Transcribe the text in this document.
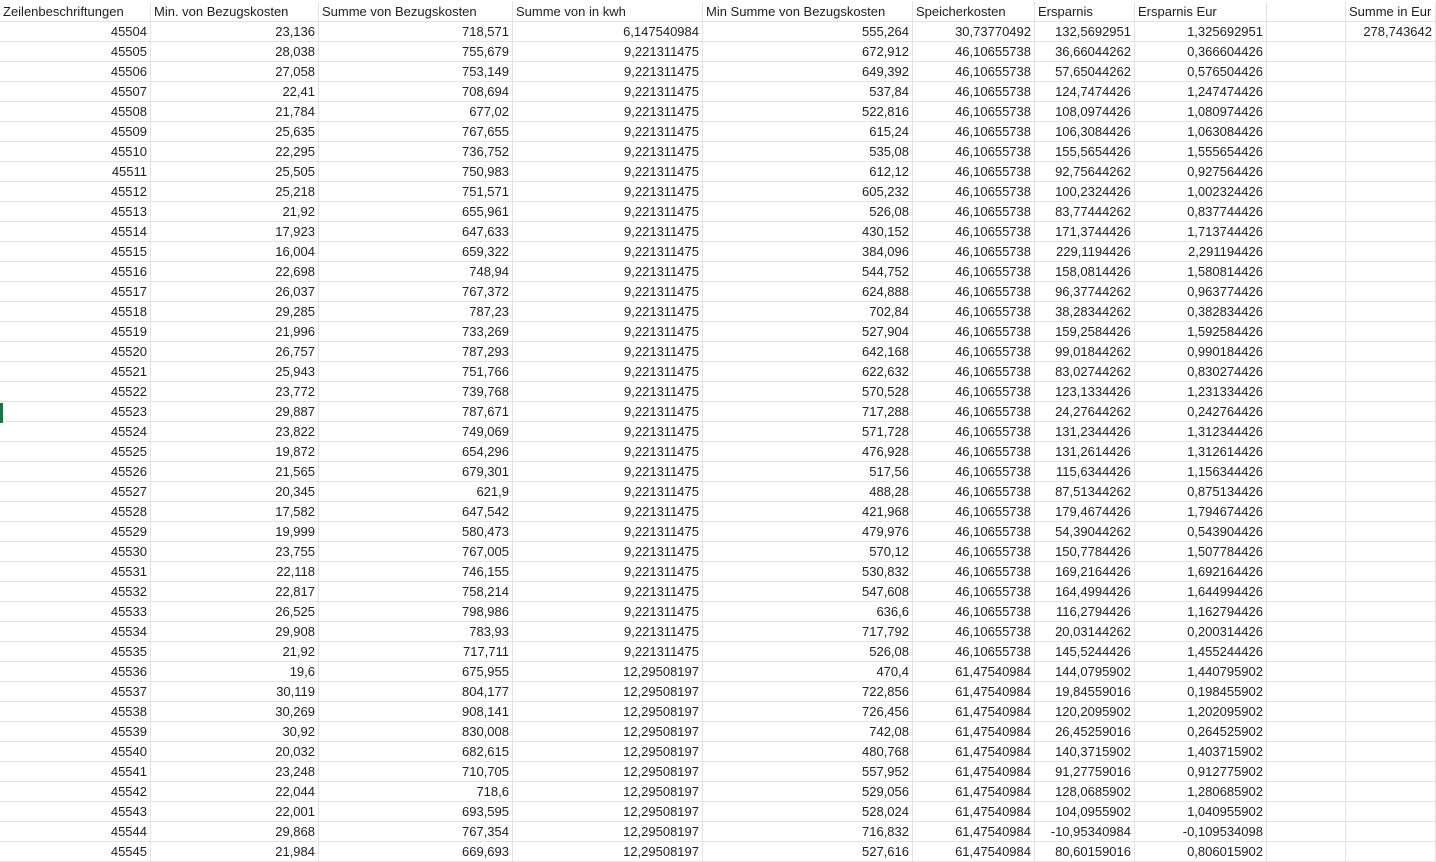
Zeilenbeschriftungen	Min. von Bezugskosten	Summe von Bezugskosten	Summe von in kwh	Min Summe von Bezugskosten	Speicherkosten	Ersparnis	Ersparnis Eur	Summe in Eur
45504	23,136	718,571	6,147540984	555,264	30,73770492	132,5692951	1,325692951	278,743642
45505	28,038	755,679	9,221311475	672,912	46,10655738	36,66044262	0,366604426
45506	27,058	753,149	9,221311475	649,392	46,10655738	57,65044262	0,576504426
45507	22,41	708,694	9,221311475	537,84	46,10655738	124,7474426	1,247474426
45508	21,784	677,02	9,221311475	522,816	46,10655738	108,0974426	1,080974426
45509	25,635	767,655	9,221311475	615,24	46,10655738	106,3084426	1,063084426
45510	22,295	736,752	9,221311475	535,08	46,10655738	155,5654426	1,555654426
45511	25,505	750,983	9,221311475	612,12	46,10655738	92,75644262	0,927564426
45512	25,218	751,571	9,221311475	605,232	46,10655738	100,2324426	1,002324426
45513	21,92	655,961	9,221311475	526,08	46,10655738	83,77444262	0,837744426
45514	17,923	647,633	9,221311475	430,152	46,10655738	171,3744426	1,713744426
45515	16,004	659,322	9,221311475	384,096	46,10655738	229,1194426	2,291194426
45516	22,698	748,94	9,221311475	544,752	46,10655738	158,0814426	1,580814426
45517	26,037	767,372	9,221311475	624,888	46,10655738	96,37744262	0,963774426
45518	29,285	787,23	9,221311475	702,84	46,10655738	38,28344262	0,382834426
45519	21,996	733,269	9,221311475	527,904	46,10655738	159,2584426	1,592584426
45520	26,757	787,293	9,221311475	642,168	46,10655738	99,01844262	0,990184426
45521	25,943	751,766	9,221311475	622,632	46,10655738	83,02744262	0,830274426
45522	23,772	739,768	9,221311475	570,528	46,10655738	123,1334426	1,231334426
45523	29,887	787,671	9,221311475	717,288	46,10655738	24,27644262	0,242764426
45524	23,822	749,069	9,221311475	571,728	46,10655738	131,2344426	1,312344426
45525	19,872	654,296	9,221311475	476,928	46,10655738	131,2614426	1,312614426
45526	21,565	679,301	9,221311475	517,56	46,10655738	115,6344426	1,156344426
45527	20,345	621,9	9,221311475	488,28	46,10655738	87,51344262	0,875134426
45528	17,582	647,542	9,221311475	421,968	46,10655738	179,4674426	1,794674426
45529	19,999	580,473	9,221311475	479,976	46,10655738	54,39044262	0,543904426
45530	23,755	767,005	9,221311475	570,12	46,10655738	150,7784426	1,507784426
45531	22,118	746,155	9,221311475	530,832	46,10655738	169,2164426	1,692164426
45532	22,817	758,214	9,221311475	547,608	46,10655738	164,4994426	1,644994426
45533	26,525	798,986	9,221311475	636,6	46,10655738	116,2794426	1,162794426
45534	29,908	783,93	9,221311475	717,792	46,10655738	20,03144262	0,200314426
45535	21,92	717,711	9,221311475	526,08	46,10655738	145,5244426	1,455244426
45536	19,6	675,955	12,29508197	470,4	61,47540984	144,0795902	1,440795902
45537	30,119	804,177	12,29508197	722,856	61,47540984	19,84559016	0,198455902
45538	30,269	908,141	12,29508197	726,456	61,47540984	120,2095902	1,202095902
45539	30,92	830,008	12,29508197	742,08	61,47540984	26,45259016	0,264525902
45540	20,032	682,615	12,29508197	480,768	61,47540984	140,3715902	1,403715902
45541	23,248	710,705	12,29508197	557,952	61,47540984	91,27759016	0,912775902
45542	22,044	718,6	12,29508197	529,056	61,47540984	128,0685902	1,280685902
45543	22,001	693,595	12,29508197	528,024	61,47540984	104,0955902	1,040955902
45544	29,868	767,354	12,29508197	716,832	61,47540984	-10,95340984	-0,109534098
45545	21,984	669,693	12,29508197	527,616	61,47540984	80,60159016	0,806015902
